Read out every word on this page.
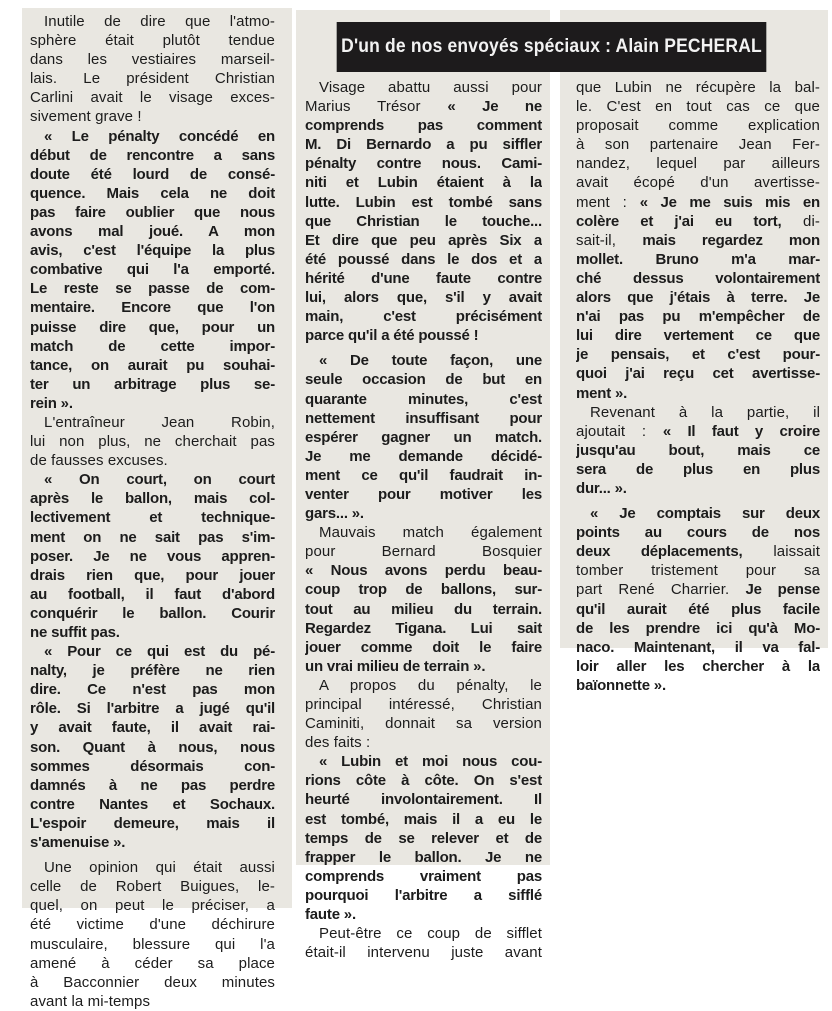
D'un de nos envoyés spéciaux : Alain PECHERAL
Inutile de dire que l'atmo-
sphère était plutôt tendue
dans les vestiaires marseil-
lais. Le président Christian
Carlini avait le visage exces-
sivement grave !
« Le pénalty concédé en
début de rencontre a sans
doute été lourd de consé-
quence. Mais cela ne doit
pas faire oublier que nous
avons mal joué. A mon
avis, c'est l'équipe la plus
combative qui l'a emporté.
Le reste se passe de com-
mentaire. Encore que l'on
puisse dire que, pour un
match de cette impor-
tance, on aurait pu souhai-
ter un arbitrage plus se-
rein ».
L'entraîneur Jean Robin,
lui non plus, ne cherchait pas
de fausses excuses.
« On court, on court
après le ballon, mais col-
lectivement et technique-
ment on ne sait pas s'im-
poser. Je ne vous appren-
drais rien que, pour jouer
au football, il faut d'abord
conquérir le ballon. Courir
ne suffit pas.
« Pour ce qui est du pé-
nalty, je préfère ne rien
dire. Ce n'est pas mon
rôle. Si l'arbitre a jugé qu'il
y avait faute, il avait rai-
son. Quant à nous, nous
sommes désormais con-
damnés à ne pas perdre
contre Nantes et Sochaux.
L'espoir demeure, mais il
s'amenuise ».
Une opinion qui était aussi
celle de Robert Buigues, le-
quel, on peut le préciser, a
été victime d'une déchirure
musculaire, blessure qui l'a
amené à céder sa place
à Bacconnier deux minutes
avant la mi-temps
Visage abattu aussi pour
Marius Trésor « Je ne
comprends pas comment
M. Di Bernardo a pu siffler
pénalty contre nous. Cami-
niti et Lubin étaient à la
lutte. Lubin est tombé sans
que Christian le touche...
Et dire que peu après Six a
été poussé dans le dos et a
hérité d'une faute contre
lui, alors que, s'il y avait
main, c'est précisément
parce qu'il a été poussé !
« De toute façon, une
seule occasion de but en
quarante minutes, c'est
nettement insuffisant pour
espérer gagner un match.
Je me demande décidé-
ment ce qu'il faudrait in-
venter pour motiver les
gars... ».
Mauvais match également
pour Bernard Bosquier
« Nous avons perdu beau-
coup trop de ballons, sur-
tout au milieu du terrain.
Regardez Tigana. Lui sait
jouer comme doit le faire
un vrai milieu de terrain ».
A propos du pénalty, le
principal intéressé, Christian
Caminiti, donnait sa version
des faits :
« Lubin et moi nous cou-
rions côte à côte. On s'est
heurté involontairement. Il
est tombé, mais il a eu le
temps de se relever et de
frapper le ballon. Je ne
comprends vraiment pas
pourquoi l'arbitre a sifflé
faute ».
Peut-être ce coup de sifflet
était-il intervenu juste avant
que Lubin ne récupère la bal-
le. C'est en tout cas ce que
proposait comme explication
à son partenaire Jean Fer-
nandez, lequel par ailleurs
avait écopé d'un avertisse-
ment : « Je me suis mis en
colère et j'ai eu tort, di-
sait-il, mais regardez mon
mollet. Bruno m'a mar-
ché dessus volontairement
alors que j'étais à terre. Je
n'ai pas pu m'empêcher de
lui dire vertement ce que
je pensais, et c'est pour-
quoi j'ai reçu cet avertisse-
ment ».
Revenant à la partie, il
ajoutait : « Il faut y croire
jusqu'au bout, mais ce
sera de plus en plus
dur... ».
« Je comptais sur deux
points au cours de nos
deux déplacements, laissait
tomber tristement pour sa
part René Charrier. Je pense
qu'il aurait été plus facile
de les prendre ici qu'à Mo-
naco. Maintenant, il va fal-
loir aller les chercher à la
baïonnette ».
